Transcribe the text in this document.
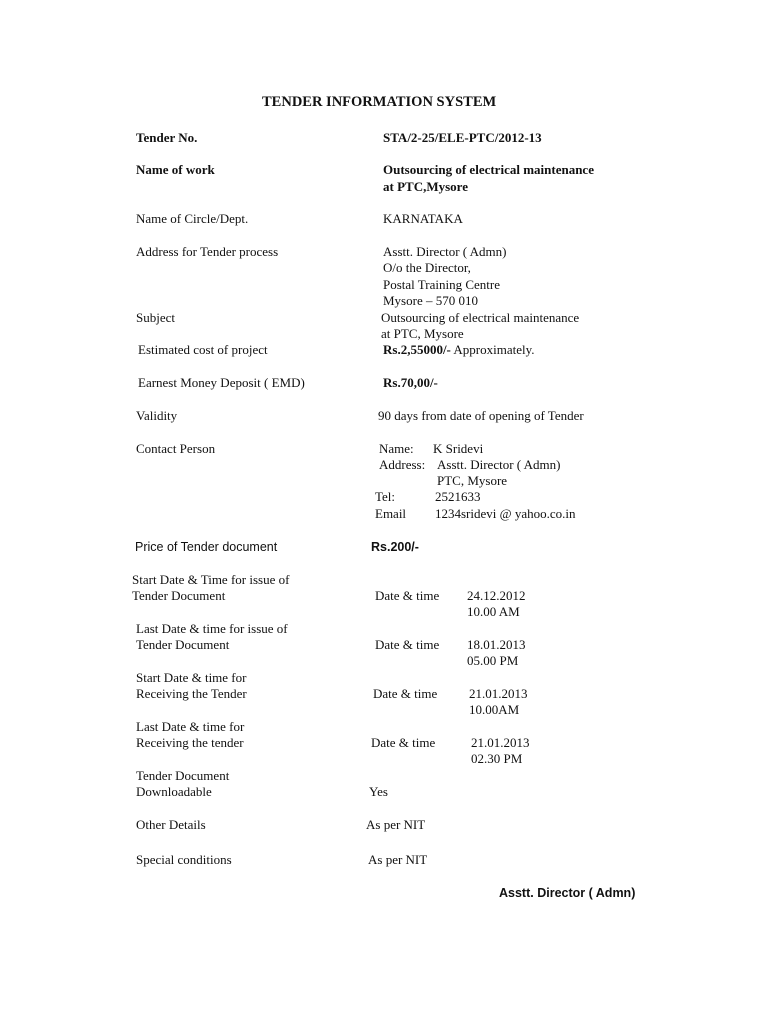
TENDER INFORMATION SYSTEM
Tender No.	STA/2-25/ELE-PTC/2012-13
Name of work	Outsourcing of electrical maintenance
at PTC,Mysore
Name of Circle/Dept.	KARNATAKA
Address for Tender process	Asstt. Director ( Admn)
O/o the Director,
Postal Training Centre
Mysore – 570 010
Subject	Outsourcing of electrical maintenance
at PTC, Mysore
Estimated cost of project	Rs.2,55000/- Approximately.
Earnest Money Deposit ( EMD)	Rs.70,00/-
Validity	90 days from date of opening of Tender
Contact Person	Name: K Sridevi
Address: Asstt. Director ( Admn)
PTC, Mysore
Tel:	2521633
Email 1234sridevi @ yahoo.co.in
Price of Tender document	Rs.200/-
Start Date & Time for issue of
Tender Document	Date & time 24.12.2012
10.00 AM
Last Date & time for issue of
Tender Document	Date & time 18.01.2013
05.00 PM
Start Date & time for
Receiving the Tender	Date & time 21.01.2013
10.00AM
Last Date & time for
Receiving the tender	Date & time	21.01.2013
02.30 PM
Tender Document
Downloadable	Yes
Other Details	As per NIT
Special conditions	As per NIT
Asstt. Director ( Admn)
